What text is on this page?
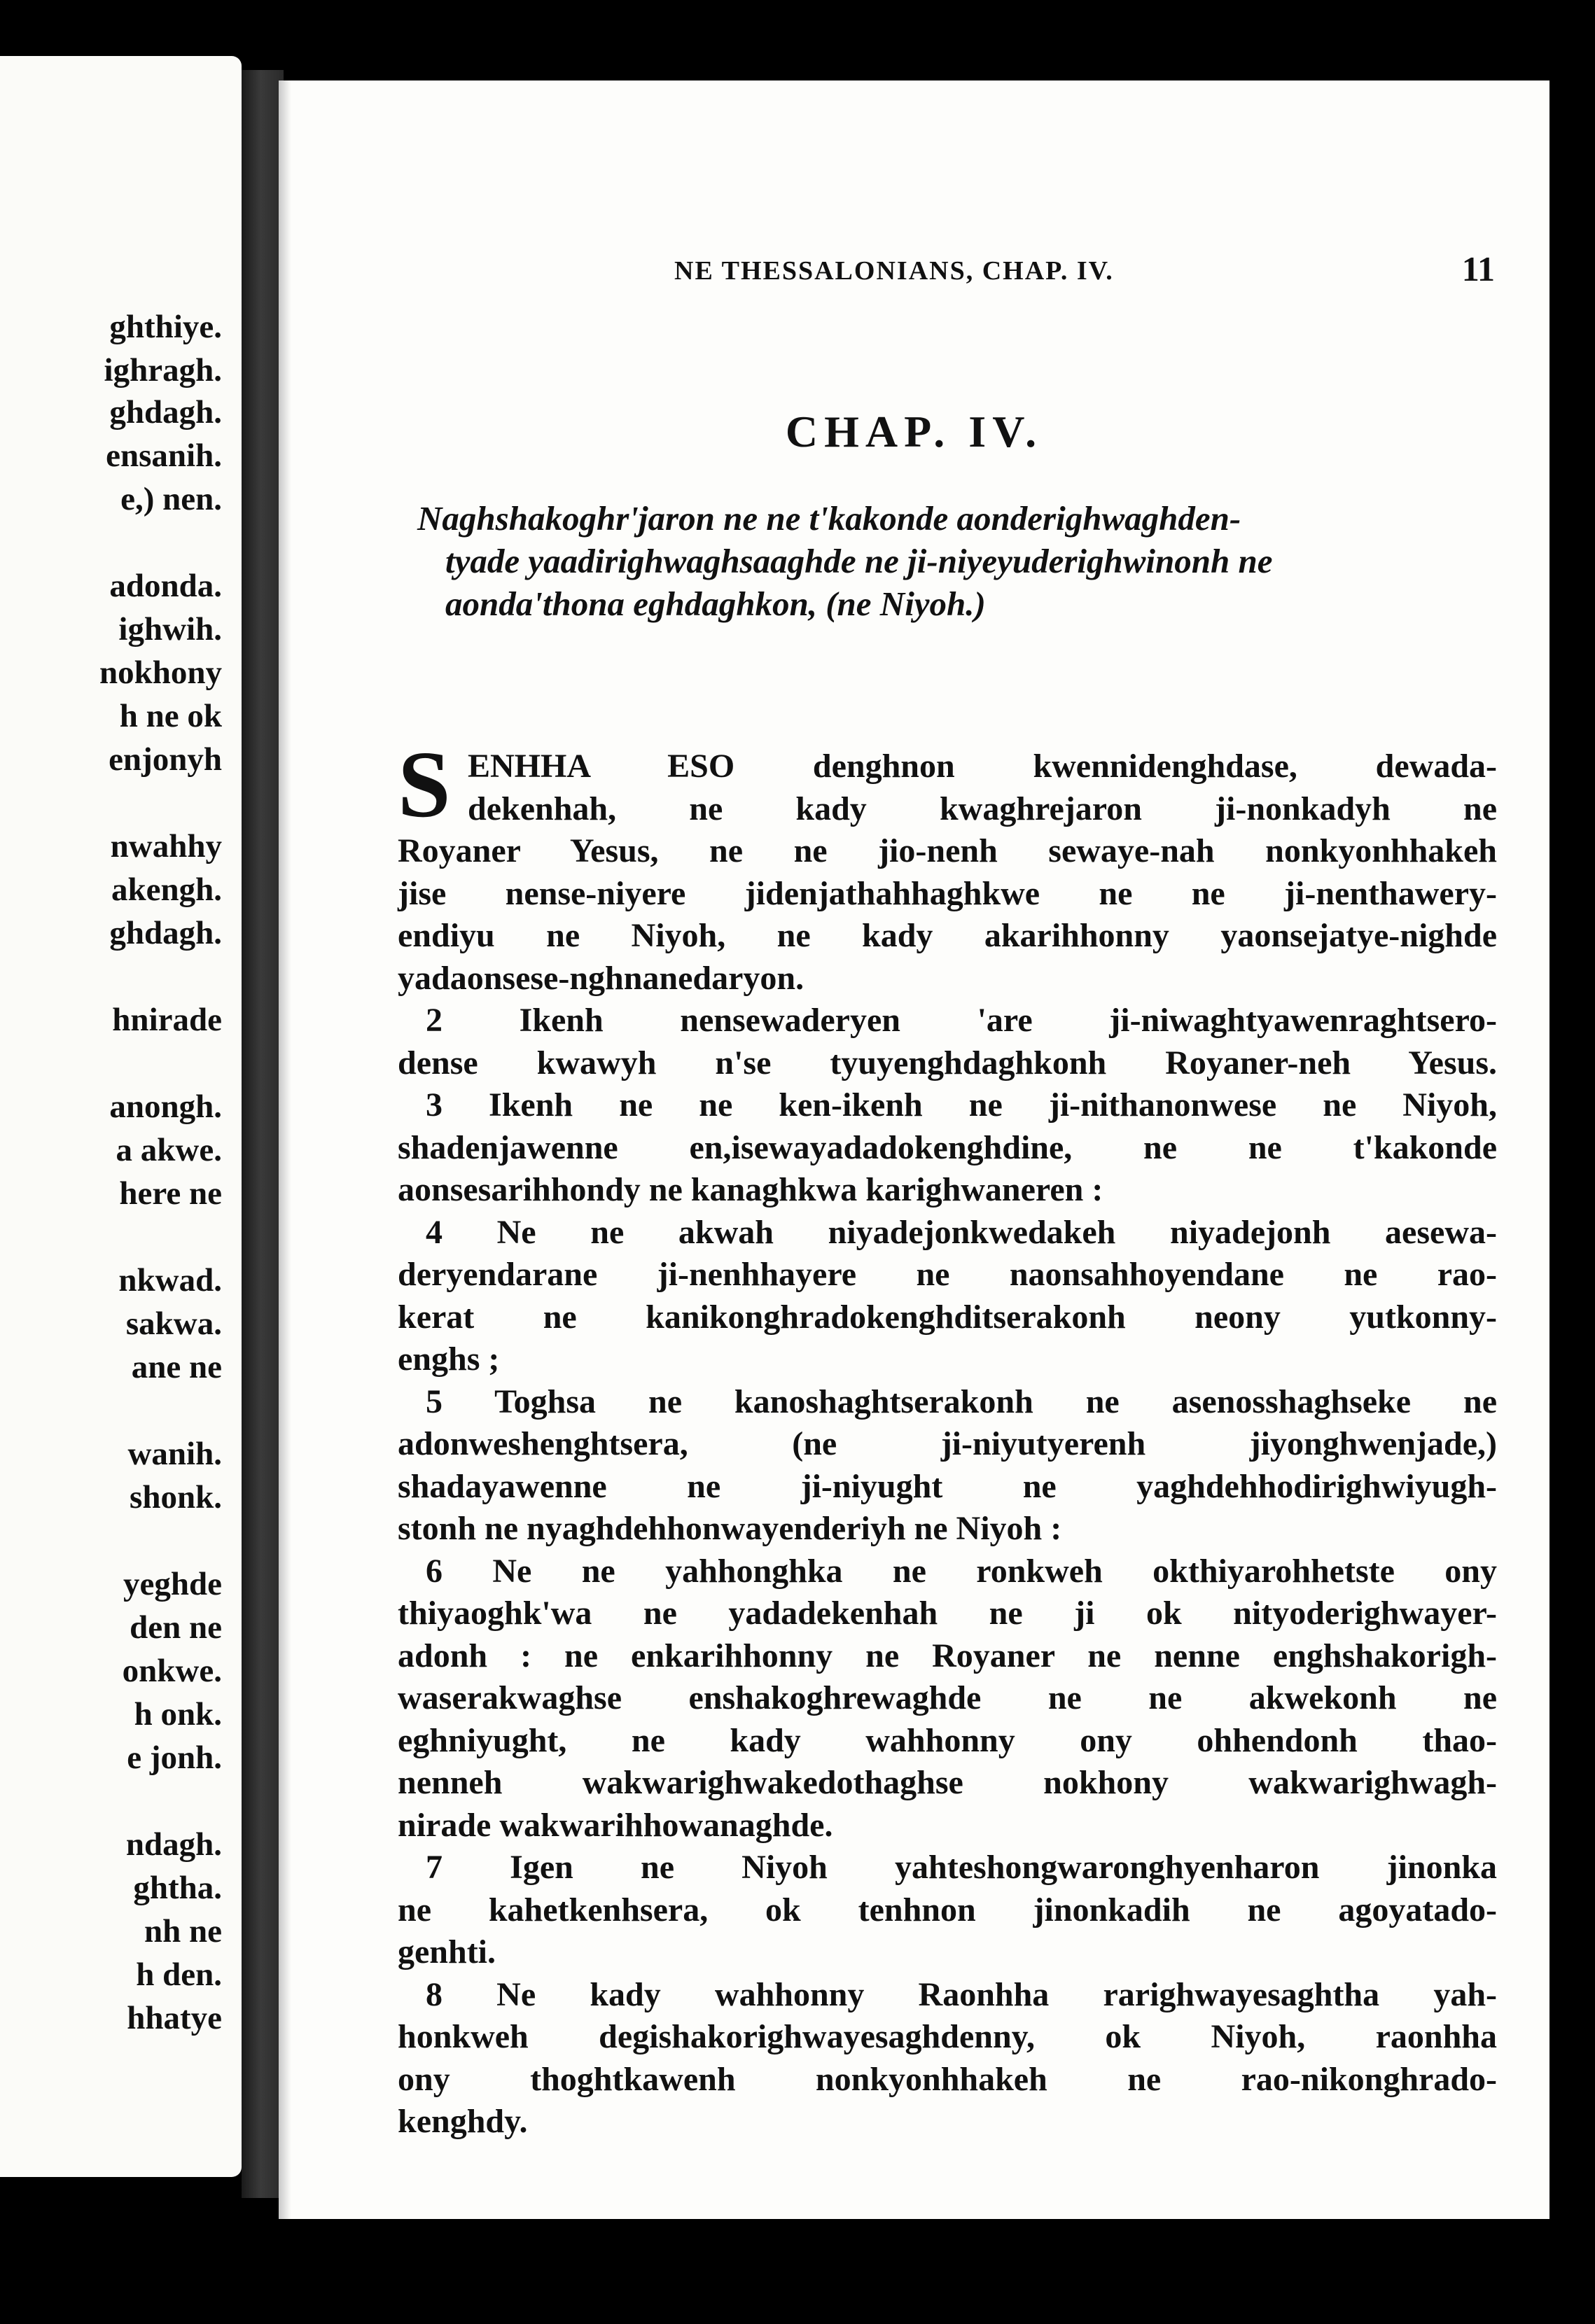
ghthiye.
ighragh.
ghdagh.
ensanih.
e,) nen.
adonda.
ighwih.
nokhony
h ne ok
enjonyh
nwahhy
akengh.
ghdagh.
hnirade
anongh.
a akwe.
here ne
nkwad.
sakwa.
ane ne
wanih.
shonk.
yeghde
den ne
onkwe.
h onk.
e jonh.
ndagh.
ghtha.
nh ne
h den.
hhatye
NE THESSALONIANS, CHAP. IV.	11
CHAP. IV.
Naghshakoghr'jaron ne ne t'kakonde aonderighwaghden-
tyade yaadirighwaghsaaghde ne ji-niyeyuderighwinonh ne
aonda'thona eghdaghkon, (ne Niyoh.)
S ENHHA ESO denghnon kwennidenghdase, dewada-
dekenhah, ne kady kwaghrejaron ji-nonkadyh ne
Royaner Yesus, ne ne jio-nenh sewaye-nah nonkyonhhakeh
jise nense-niyere jidenjathahhaghkwe ne ne ji-nenthawery-
endiyu ne Niyoh, ne kady akarihhonny yaonsejatye-nighde
yadaonsese-nghnanedaryon.
2 Ikenh nensewaderyen 'are ji-niwaghtyawenraghtsero-
dense kwawyh n'se tyuyenghdaghkonh Royaner-neh Yesus.
3 Ikenh ne ne ken-ikenh ne ji-nithanonwese ne Niyoh,
shadenjawenne en,isewayadadokenghdine, ne ne t'kakonde
aonsesarihhondy ne kanaghkwa karighwaneren :
4 Ne ne akwah niyadejonkwedakeh niyadejonh aesewa-
deryendarane ji-nenhhayere ne naonsahhoyendane ne rao-
kerat ne kanikonghradokenghditserakonh neony yutkonny-
enghs ;
5 Toghsa ne kanoshaghtserakonh ne asenosshaghseke ne
adonweshenghtsera, (ne ji-niyutyerenh jiyonghwenjade,)
shadayawenne ne ji-niyught ne yaghdehhodirighwiyugh-
stonh ne nyaghdehhonwayenderiyh ne Niyoh :
6 Ne ne yahhonghka ne ronkweh okthiyarohhetste ony
thiyaoghk'wa ne yadadekenhah ne ji ok nityoderighwayer-
adonh : ne enkarihhonny ne Royaner ne nenne enghshakorigh-
waserakwaghse enshakoghrewaghde ne ne akwekonh ne
eghniyught, ne kady wahhonny ony ohhendonh thao-
nenneh wakwarighwakedothaghse nokhony wakwarighwagh-
nirade wakwarihhowanaghde.
7 Igen ne Niyoh yahteshongwaronghyenharon jinonka
ne kahetkenhsera, ok tenhnon jinonkadih ne agoyatado-
genhti.
8 Ne kady wahhonny Raonhha rarighwayesaghtha yah-
honkweh degishakorighwayesaghdenny, ok Niyoh, raonhha
ony thoghtkawenh nonkyonhhakeh ne rao-nikonghrado-
kenghdy.
